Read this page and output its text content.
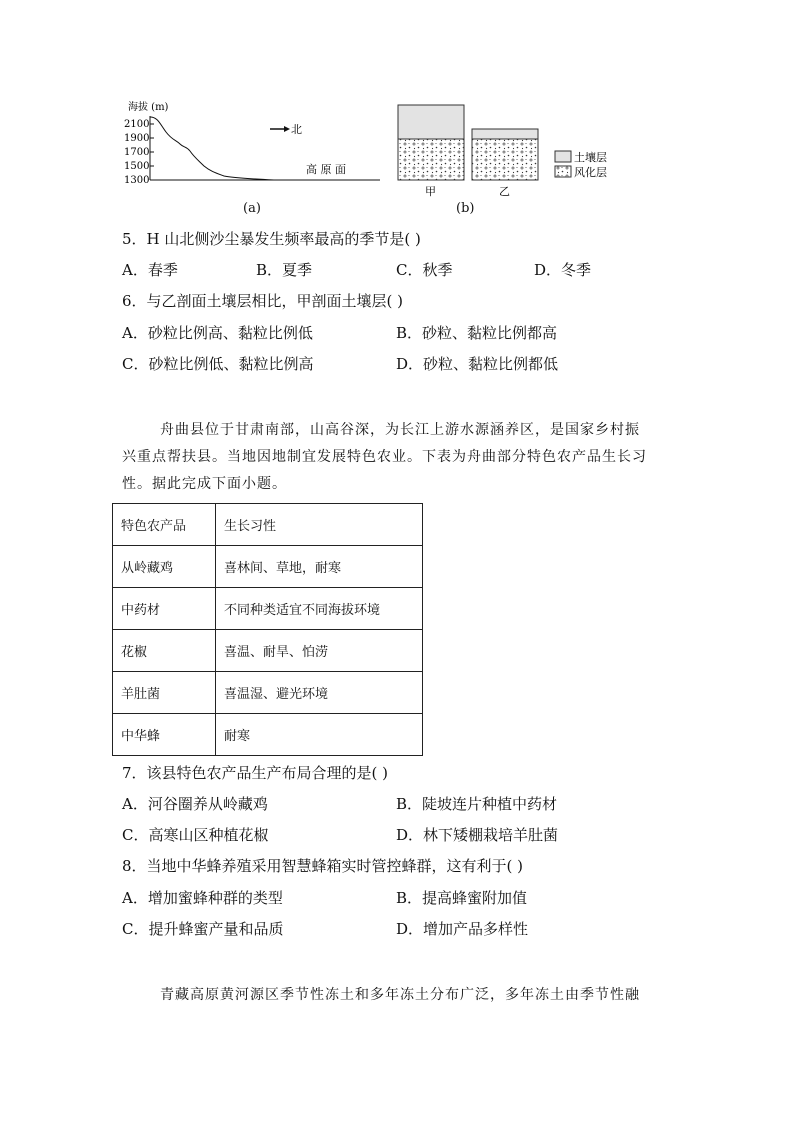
海拔 (m)
2100
1900
1700
1500
1300
北
高 原 面
(a)
甲	乙
土壤层
风化层
(b)
5．H 山北侧沙尘暴发生频率最高的季节是( )
A．春季	B．夏季	C．秋季	D．冬季
6．与乙剖面土壤层相比，甲剖面土壤层( )
A．砂粒比例高、黏粒比例低	B．砂粒、黏粒比例都高
C．砂粒比例低、黏粒比例高	D．砂粒、黏粒比例都低
舟曲县位于甘肃南部，山高谷深，为长江上游水源涵养区，是国家乡村振
兴重点帮扶县。当地因地制宜发展特色农业。下表为舟曲部分特色农产品生长习
性。据此完成下面小题。
特色农产品	生长习性
从岭藏鸡	喜林间、草地，耐寒
中药材	不同种类适宜不同海拔环境
花椒	喜温、耐旱、怕涝
羊肚菌	喜温湿、避光环境
中华蜂	耐寒
7．该县特色农产品生产布局合理的是( )
A．河谷圈养从岭藏鸡	B．陡坡连片种植中药材
C．高寒山区种植花椒	D．林下矮棚栽培羊肚菌
8．当地中华蜂养殖采用智慧蜂箱实时管控蜂群，这有利于( )
A．增加蜜蜂种群的类型	B．提高蜂蜜附加值
C．提升蜂蜜产量和品质	D．增加产品多样性
青藏高原黄河源区季节性冻土和多年冻土分布广泛，多年冻土由季节性融
